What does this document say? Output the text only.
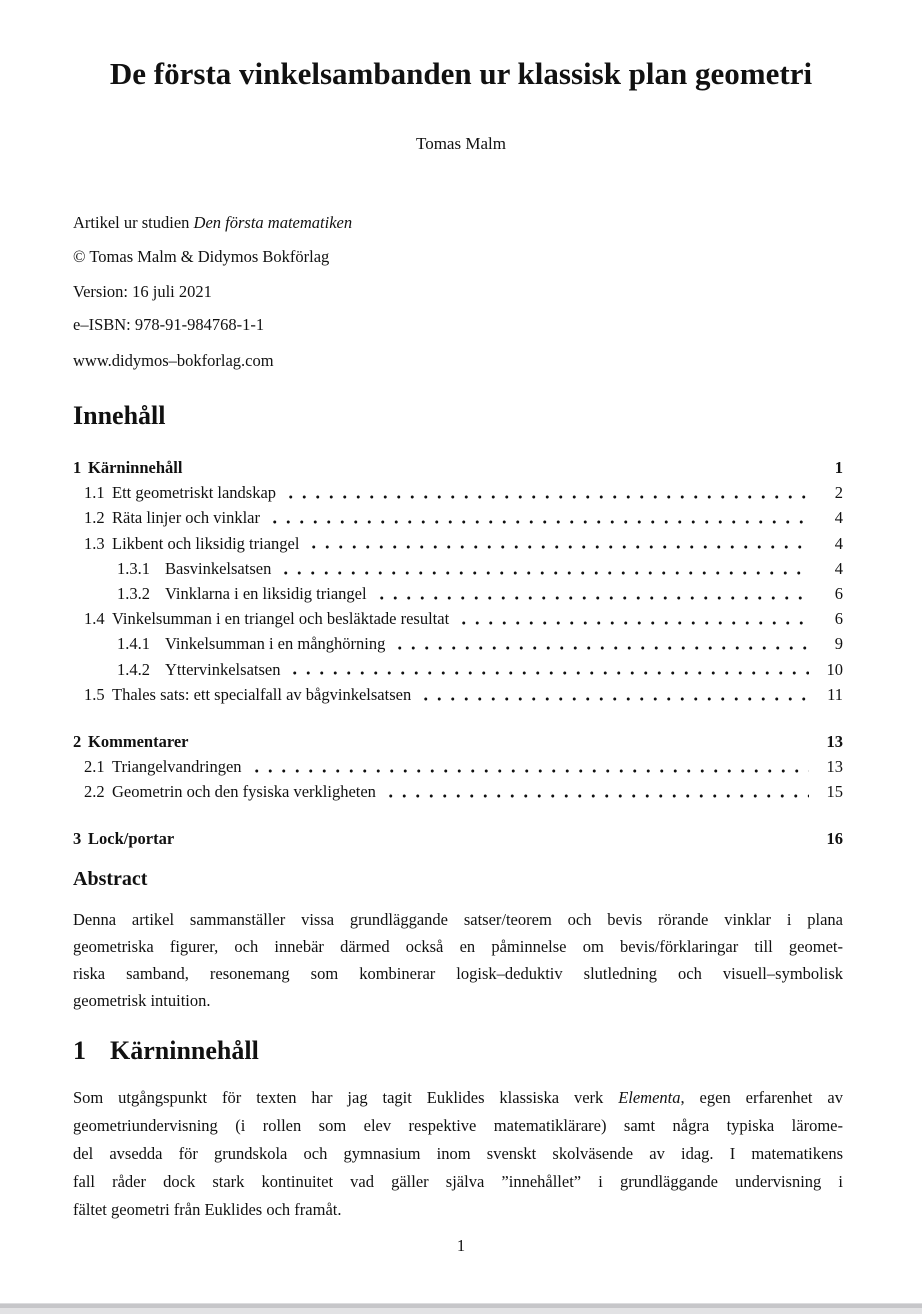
De första vinkelsambanden ur klassisk plan geometri
Tomas Malm
Artikel ur studien Den första matematiken
© Tomas Malm & Didymos Bokförlag
Version: 16 juli 2021
e–ISBN: 978-91-984768-1-1
www.didymos–bokforlag.com
Innehåll
1 Kärninnehåll	1
1.1 Ett geometriskt landskap	2
1.2 Räta linjer och vinklar	4
1.3 Likbent och liksidig triangel	4
1.3.1 Basvinkelsatsen	4
1.3.2 Vinklarna i en liksidig triangel	6
1.4 Vinkelsumman i en triangel och besläktade resultat	6
1.4.1 Vinkelsumman i en månghörning	9
1.4.2 Yttervinkelsatsen	10
1.5 Thales sats: ett specialfall av bågvinkelsatsen	11
2 Kommentarer	13
2.1 Triangelvandringen	13
2.2 Geometrin och den fysiska verkligheten	15
3 Lock/portar	16
Abstract
Denna artikel sammanställer vissa grundläggande satser/teorem och bevis rörande vinklar i plana
geometriska figurer, och innebär därmed också en påminnelse om bevis/förklaringar till geomet-
riska samband, resonemang som kombinerar logisk–deduktiv slutledning och visuell–symbolisk
geometrisk intuition.
1 Kärninnehåll
Som utgångspunkt för texten har jag tagit Euklides klassiska verk Elementa, egen erfarenhet av
geometriundervisning (i rollen som elev respektive matematiklärare) samt några typiska lärome-
del avsedda för grundskola och gymnasium inom svenskt skolväsende av idag. I matematikens
fall råder dock stark kontinuitet vad gäller själva ”innehållet” i grundläggande undervisning i
fältet geometri från Euklides och framåt.
1
